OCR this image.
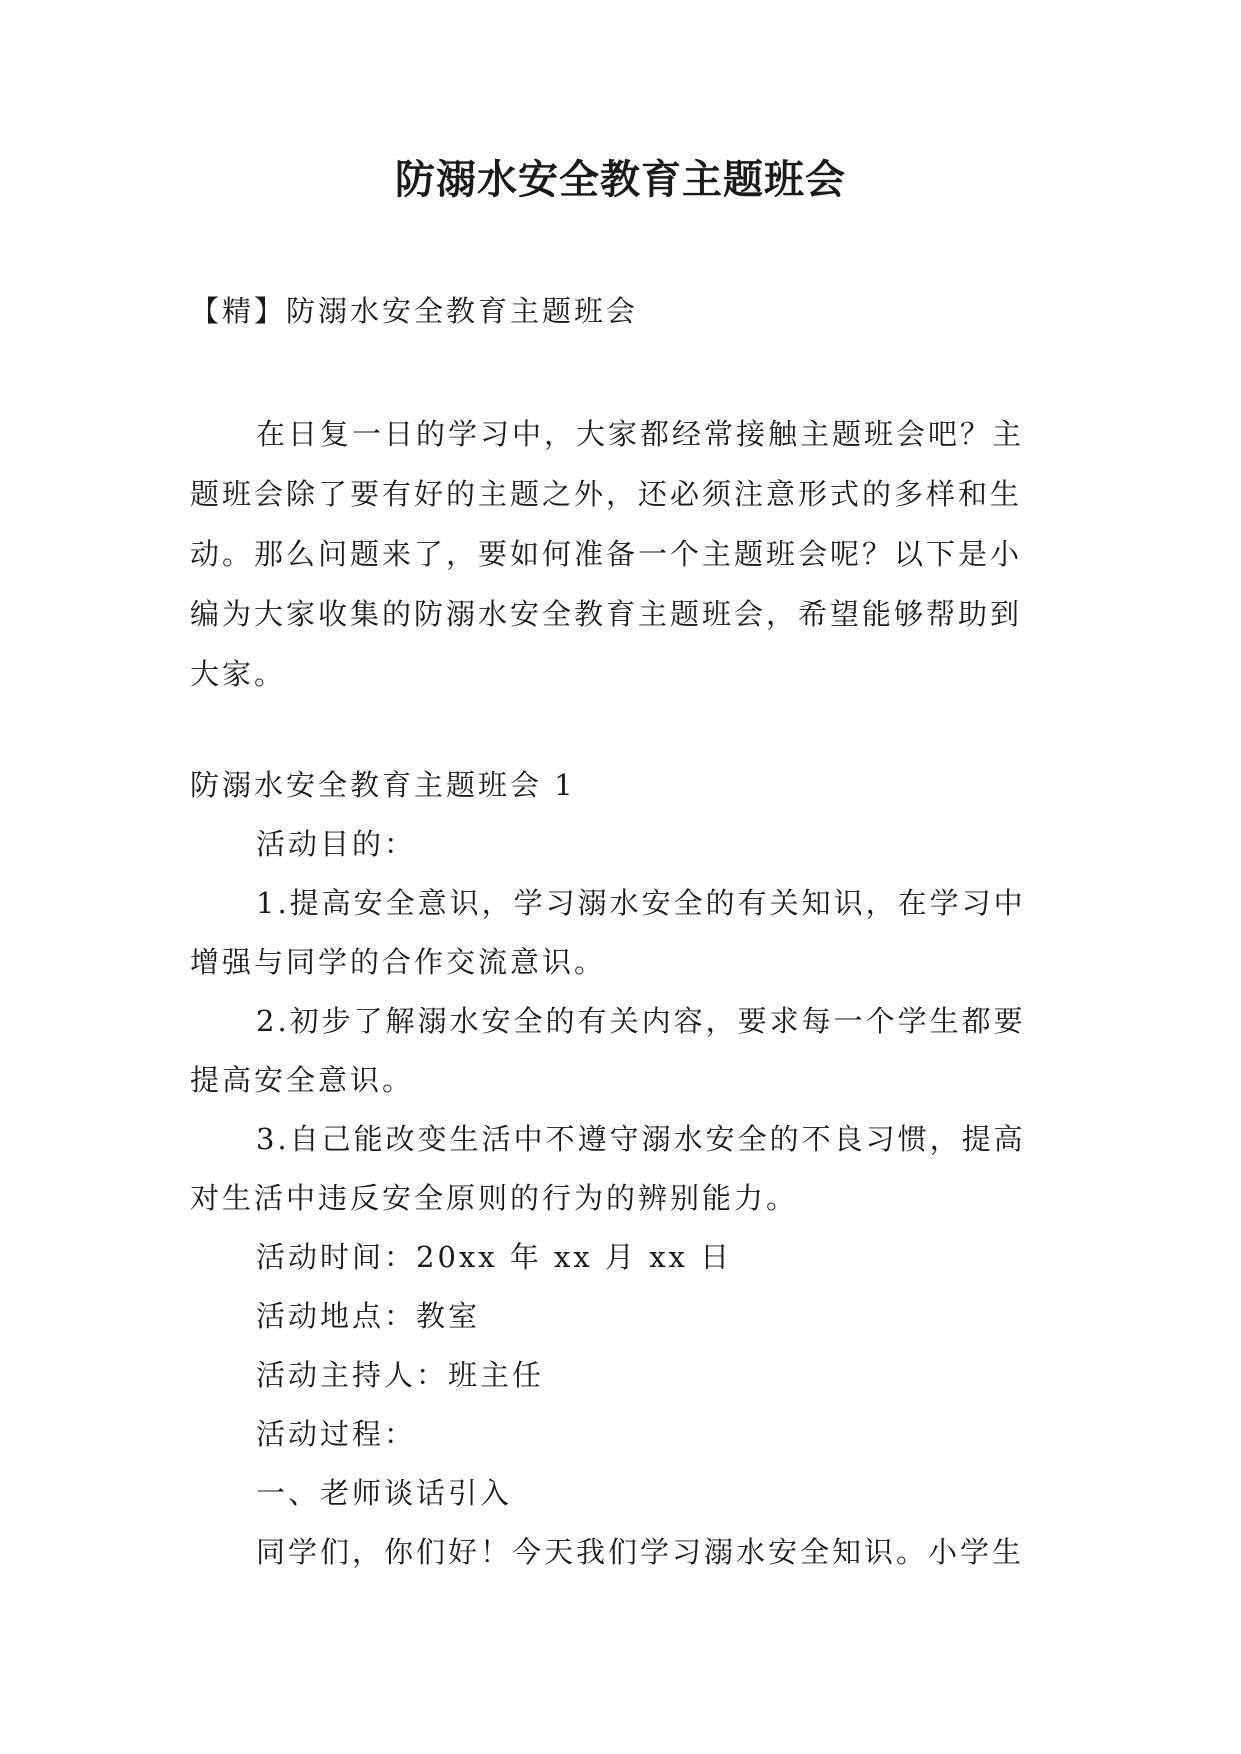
防溺水安全教育主题班会
【精】防溺水安全教育主题班会

在日复一日的学习中，大家都经常接触主题班会吧？主题班会除了要有好的主题之外，还必须注意形式的多样和生动。那么问题来了，要如何准备一个主题班会呢？以下是小编为大家收集的防溺水安全教育主题班会，希望能够帮助到大家。

防溺水安全教育主题班会 1
活动目的：

1.提高安全意识，学习溺水安全的有关知识，在学习中增强与同学的合作交流意识。

2.初步了解溺水安全的有关内容，要求每一个学生都要提高安全意识。

3.自己能改变生活中不遵守溺水安全的不良习惯，提高对生活中违反安全原则的行为的辨别能力。

活动时间：20xx 年 xx 月 xx 日
活动地点：教室
活动主持人：班主任
活动过程：
一、老师谈话引入
同学们，你们好！今天我们学习溺水安全知识。小学生
